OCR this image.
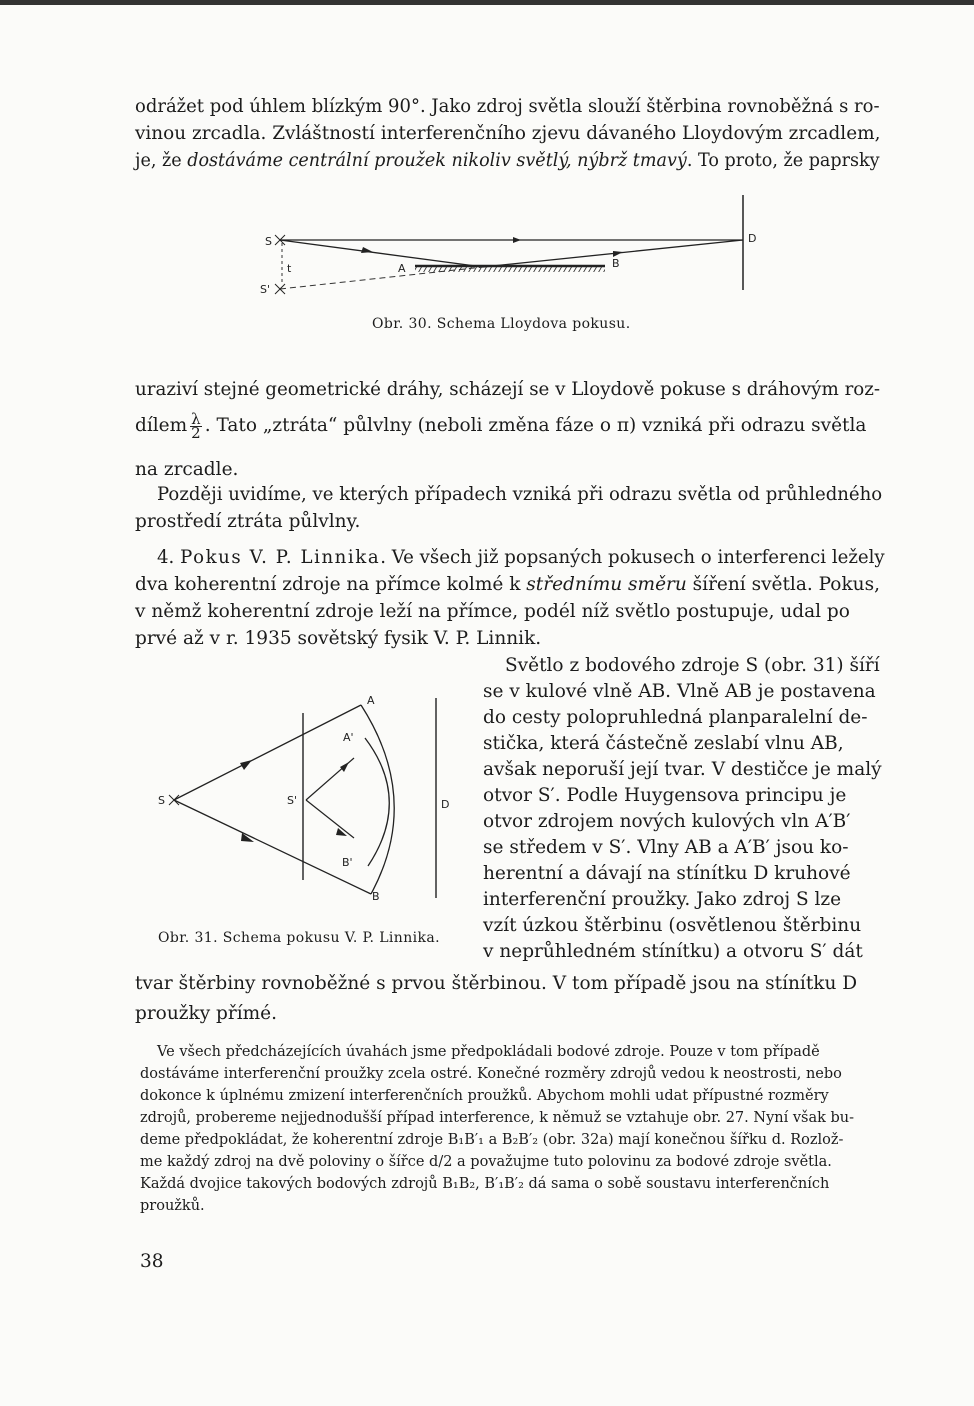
odrážet pod úhlem blízkým 90°. Jako zdroj světla slouží štěrbina rovnoběžná s ro-
vinou zrcadla. Zvláštností interferenčního zjevu dávaného Lloydovým zrcadlem,
je, že dostáváme centrální proužek nikoliv světlý, nýbrž tmavý. To proto, že paprsky
S
t
S'
A	B
D
Obr. 30. Schema Lloydova pokusu.
uraziví stejné geometrické dráhy, scházejí se v Lloydově pokuse s dráhovým roz-
dílem $\frac{\lambda}{2}$ . Tato „ztráta“ půlvlny (neboli změna fáze o π) vzniká při odrazu světla
na zrcadle.
Později uvidíme, ve kterých případech vzniká při odrazu světla od průhledného
prostředí ztráta půlvlny.
4. Pokus V. P. Linnika. Ve všech již popsaných pokusech o interferenci ležely
dva koherentní zdroje na přímce kolmé k střednímu směru šíření světla. Pokus,
v němž koherentní zdroje leží na přímce, podél níž světlo postupuje, udal po
prvé až v r. 1935 sovětský fysik V. P. Linnik.
Světlo z bodového zdroje S (obr. 31) šíří
se v kulové vlně AB. Vlně AB je postavena
do cesty polopruhledná planparalelní de-
stička, která částečně zeslabí vlnu AB,
avšak neporuší její tvar. V destičce je malý
otvor S′. Podle Huygensova principu je
otvor zdrojem nových kulových vln A′B′
se středem v S′. Vlny AB a A′B′ jsou ko-
herentní a dávají na stínítku D kruhové
interferenční proužky. Jako zdroj S lze
vzít úzkou štěrbinu (osvětlenou štěrbinu
v neprůhledném stínítku) a otvoru S′ dát
tvar štěrbiny rovnoběžné s prvou štěrbinou. V tom případě jsou na stínítku D
proužky přímé.
S	S'
A
A'
B'
B
D
Obr. 31. Schema pokusu V. P. Linnika.
Ve všech předcházejících úvahách jsme předpokládali bodové zdroje. Pouze v tom případě
dostáváme interferenční proužky zcela ostré. Konečné rozměry zdrojů vedou k neostrosti, nebo
dokonce k úplnému zmizení interferenčních proužků. Abychom mohli udat přípustné rozměry
zdrojů, probereme nejjednodušší případ interference, k němuž se vztahuje obr. 27. Nyní však bu-
deme předpokládat, že koherentní zdroje B₁B′₁ a B₂B′₂ (obr. 32a) mají konečnou šířku d. Rozlož-
me každý zdroj na dvě poloviny o šířce d/2 a považujme tuto polovinu za bodové zdroje světla.
Každá dvojice takových bodových zdrojů B₁B₂, B′₁B′₂ dá sama o sobě soustavu interferenčních
proužků.
38
